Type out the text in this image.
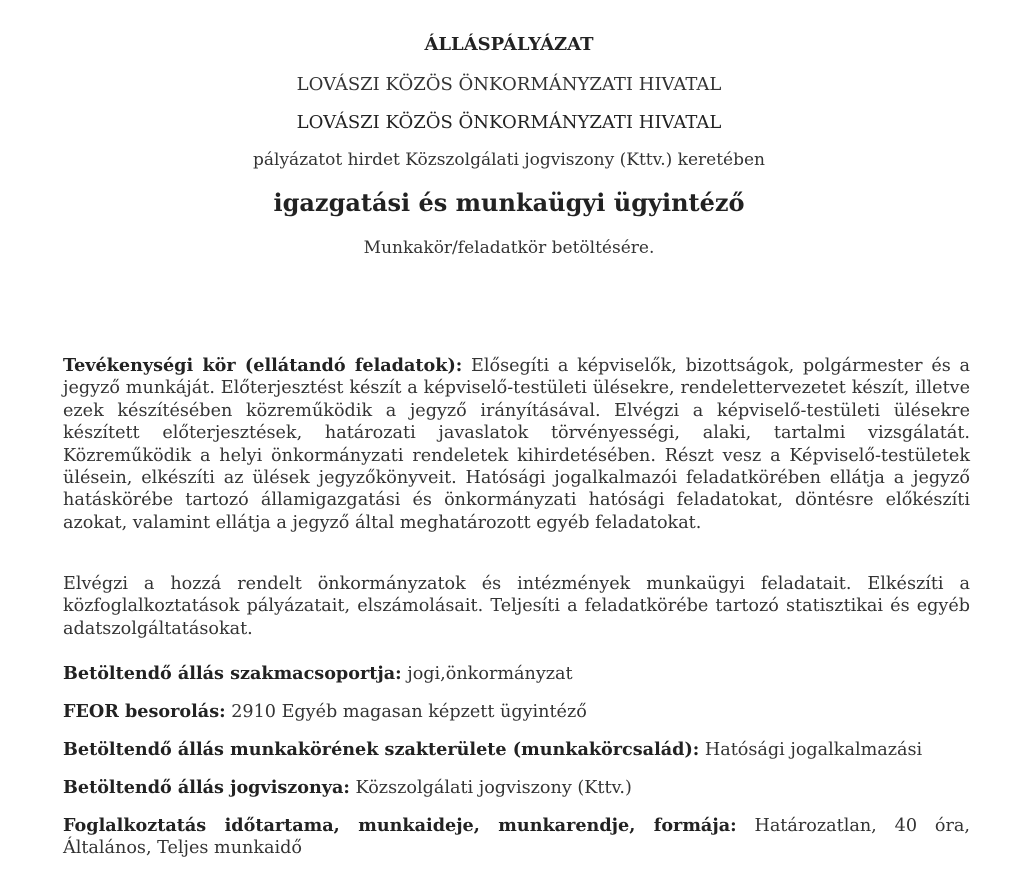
ÁLLÁSPÁLYÁZAT
LOVÁSZI KÖZÖS ÖNKORMÁNYZATI HIVATAL
LOVÁSZI KÖZÖS ÖNKORMÁNYZATI HIVATAL
pályázatot hirdet Közszolgálati jogviszony (Kttv.) keretében
igazgatási és munkaügyi ügyintéző
Munkakör/feladatkör betöltésére.

Tevékenységi kör (ellátandó feladatok): Elősegíti a képviselők, bizottságok, polgármester és a jegyző munkáját. Előterjesztést készít a képviselő-testületi ülésekre, rendelettervezetet készít, illetve ezek készítésében közreműködik a jegyző irányításával. Elvégzi a képviselő-testületi ülésekre készített előterjesztések, határozati javaslatok törvényességi, alaki, tartalmi vizsgálatát. Közreműködik a helyi önkormányzati rendeletek kihirdetésében. Részt vesz a Képviselő-testületek ülésein, elkészíti az ülések jegyzőkönyveit. Hatósági jogalkalmazói feladatkörében ellátja a jegyző hatáskörébe tartozó államigazgatási és önkormányzati hatósági feladatokat, döntésre előkészíti azokat, valamint ellátja a jegyző által meghatározott egyéb feladatokat.

Elvégzi a hozzá rendelt önkormányzatok és intézmények munkaügyi feladatait. Elkészíti a közfoglalkoztatások pályázatait, elszámolásait. Teljesíti a feladatkörébe tartozó statisztikai és egyéb adatszolgáltatásokat.

Betöltendő állás szakmacsoportja: jogi,önkormányzat
FEOR besorolás: 2910 Egyéb magasan képzett ügyintéző
Betöltendő állás munkakörének szakterülete (munkakörcsalád): Hatósági jogalkalmazási
Betöltendő állás jogviszonya: Közszolgálati jogviszony (Kttv.)

Foglalkoztatás időtartama, munkaideje, munkarendje, formája: Határozatlan, 40 óra, Általános, Teljes munkaidő
